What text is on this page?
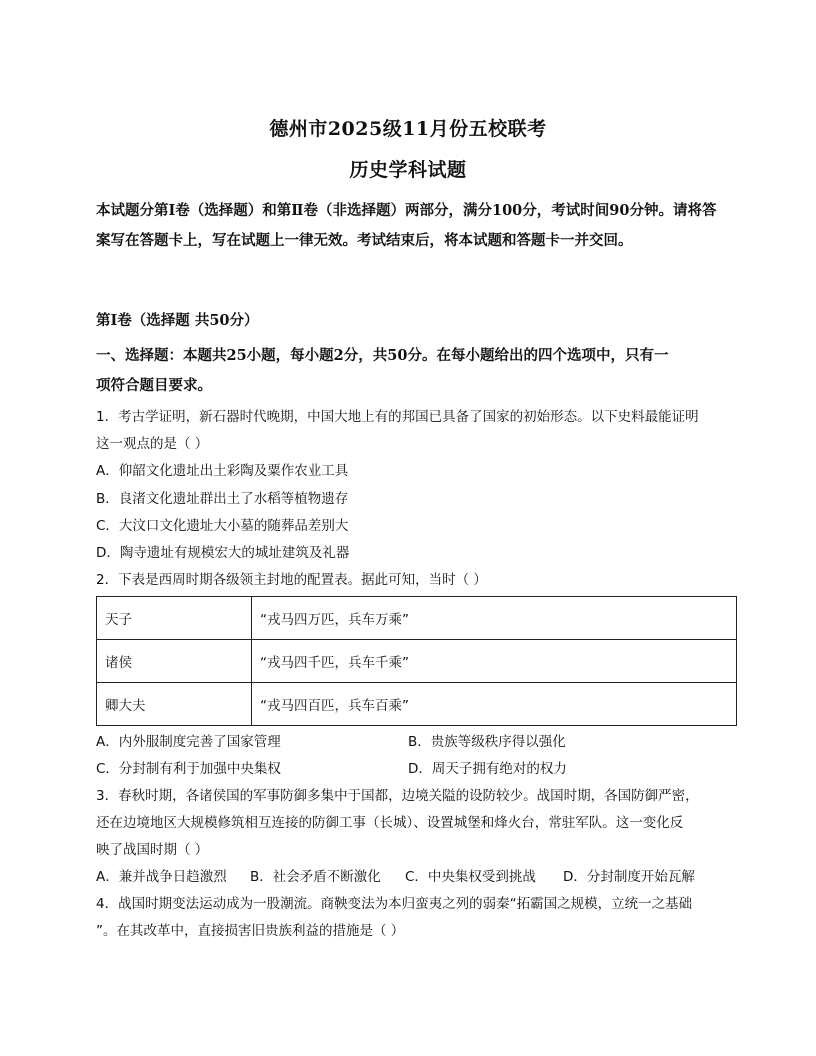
德州市2025级11月份五校联考
历史学科试题
本试题分第Ⅰ卷（选择题）和第Ⅱ卷（非选择题）两部分，满分100分，考试时间90分钟。请将答案写在答题卡上，写在试题上一律无效。考试结束后，将本试题和答题卡一并交回。
第Ⅰ卷（选择题 共50分）
一、选择题：本题共25小题，每小题2分，共50分。在每小题给出的四个选项中，只有一
项符合题目要求。
1．考古学证明，新石器时代晚期，中国大地上有的邦国已具备了国家的初始形态。以下史料最能证明
这一观点的是（ ）
A．仰韶文化遗址出土彩陶及粟作农业工具
B．良渚文化遗址群出土了水稻等植物遗存
C．大汶口文化遗址大小墓的随葬品差别大
D．陶寺遗址有规模宏大的城址建筑及礼器
2．下表是西周时期各级领主封地的配置表。据此可知，当时（ ）
天子	“戎马四万匹，兵车万乘”
诸侯	“戎马四千匹，兵车千乘”
卿大夫	“戎马四百匹，兵车百乘”
A．内外服制度完善了国家管理	B．贵族等级秩序得以强化
C．分封制有利于加强中央集权	D．周天子拥有绝对的权力
3．春秋时期，各诸侯国的军事防御多集中于国都，边境关隘的设防较少。战国时期，各国防御严密，
还在边境地区大规模修筑相互连接的防御工事（长城）、设置城堡和烽火台，常驻军队。这一变化反
映了战国时期（ ）
A．兼并战争日趋激烈 B．社会矛盾不断激化 C．中央集权受到挑战 D．分封制度开始瓦解
4．战国时期变法运动成为一股潮流。商鞅变法为本归蛮夷之列的弱秦“拓霸国之规模，立统一之基础
”。在其改革中，直接损害旧贵族利益的措施是（ ）
